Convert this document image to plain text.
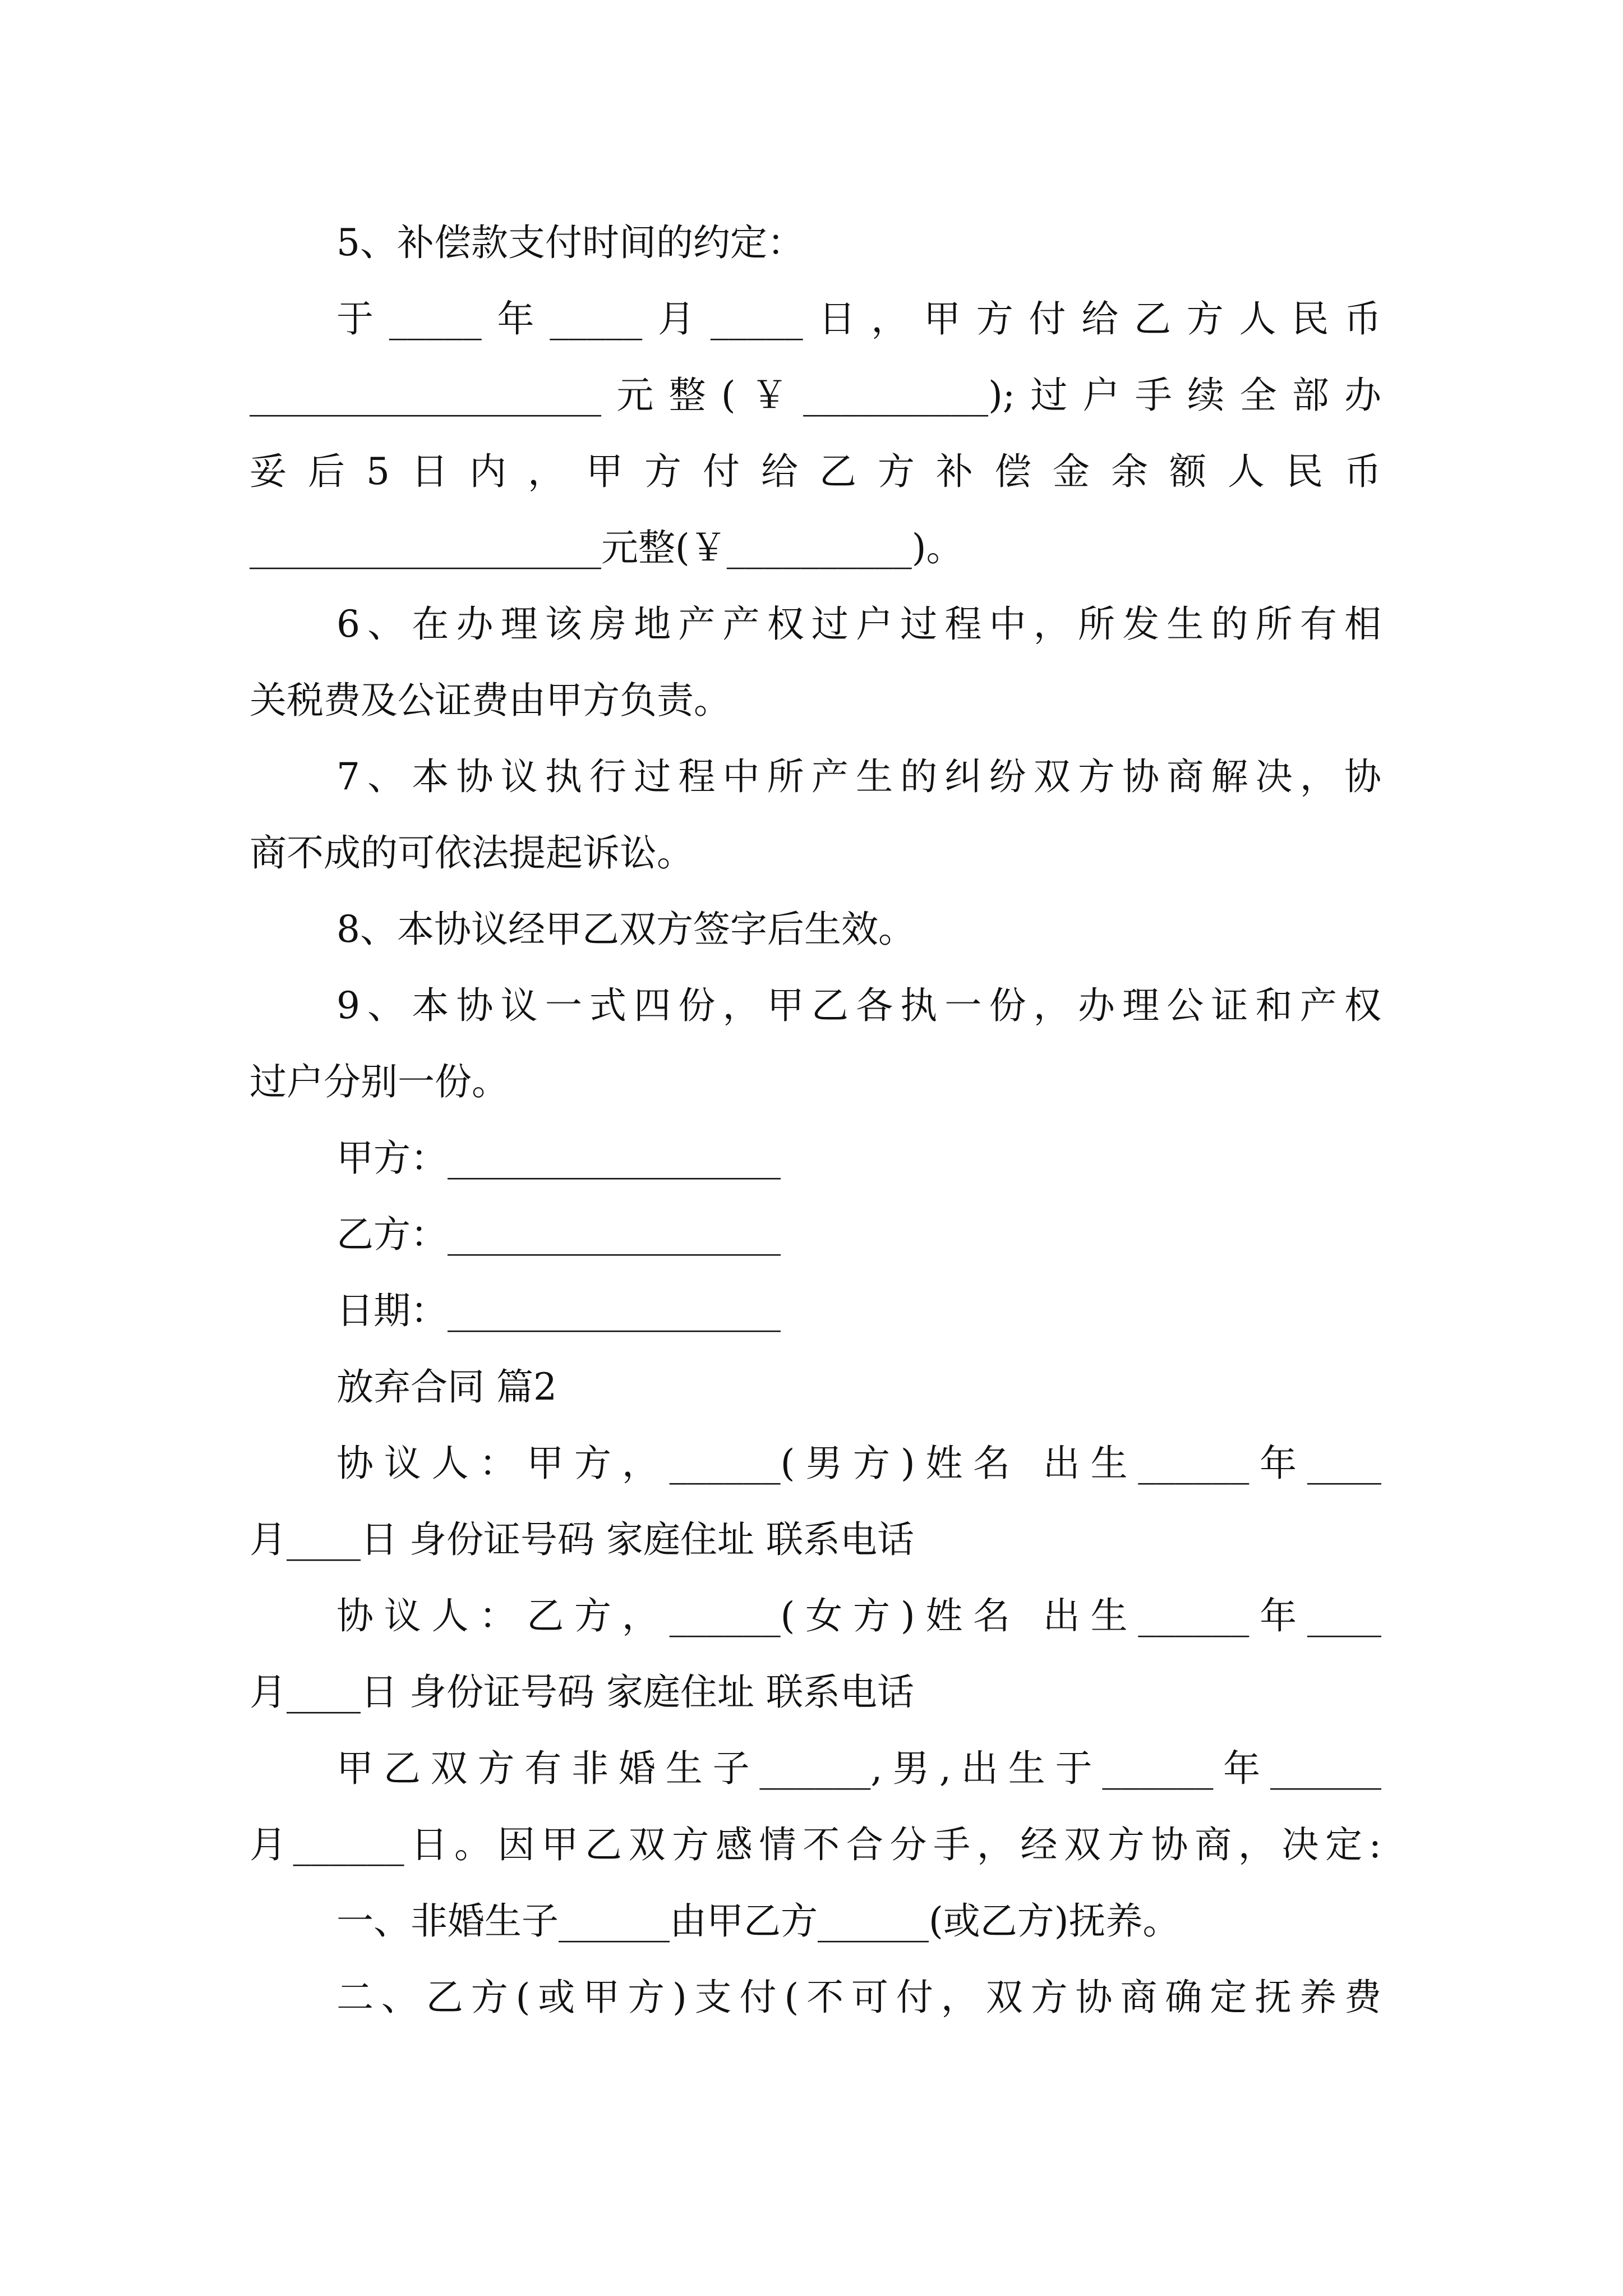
5、补偿款支付时间的约定：
于_____年_____月_____日，甲方付给乙方人民币
___________________元整(￥__________);过户手续全部办
妥后5日内，甲方付给乙方补偿金余额人民币
___________________元整(￥__________)。
6、在办理该房地产产权过户过程中，所发生的所有相
关税费及公证费由甲方负责。
7、本协议执行过程中所产生的纠纷双方协商解决，协
商不成的可依法提起诉讼。
8、本协议经甲乙双方签字后生效。
9、本协议一式四份，甲乙各执一份，办理公证和产权
过户分别一份。
甲方：__________________
乙方：__________________
日期：__________________
放弃合同 篇2
协议人：甲方，______(男方)姓名 出生______年____
月____日 身份证号码 家庭住址 联系电话
协议人：乙方，______(女方)姓名 出生______年____
月____日 身份证号码 家庭住址 联系电话
甲乙双方有非婚生子______,男,出生于______年______
月______日。因甲乙双方感情不合分手，经双方协商，决定:
一、非婚生子______由甲乙方______(或乙方)抚养。
二、乙方(或甲方)支付(不可付，双方协商确定抚养费
